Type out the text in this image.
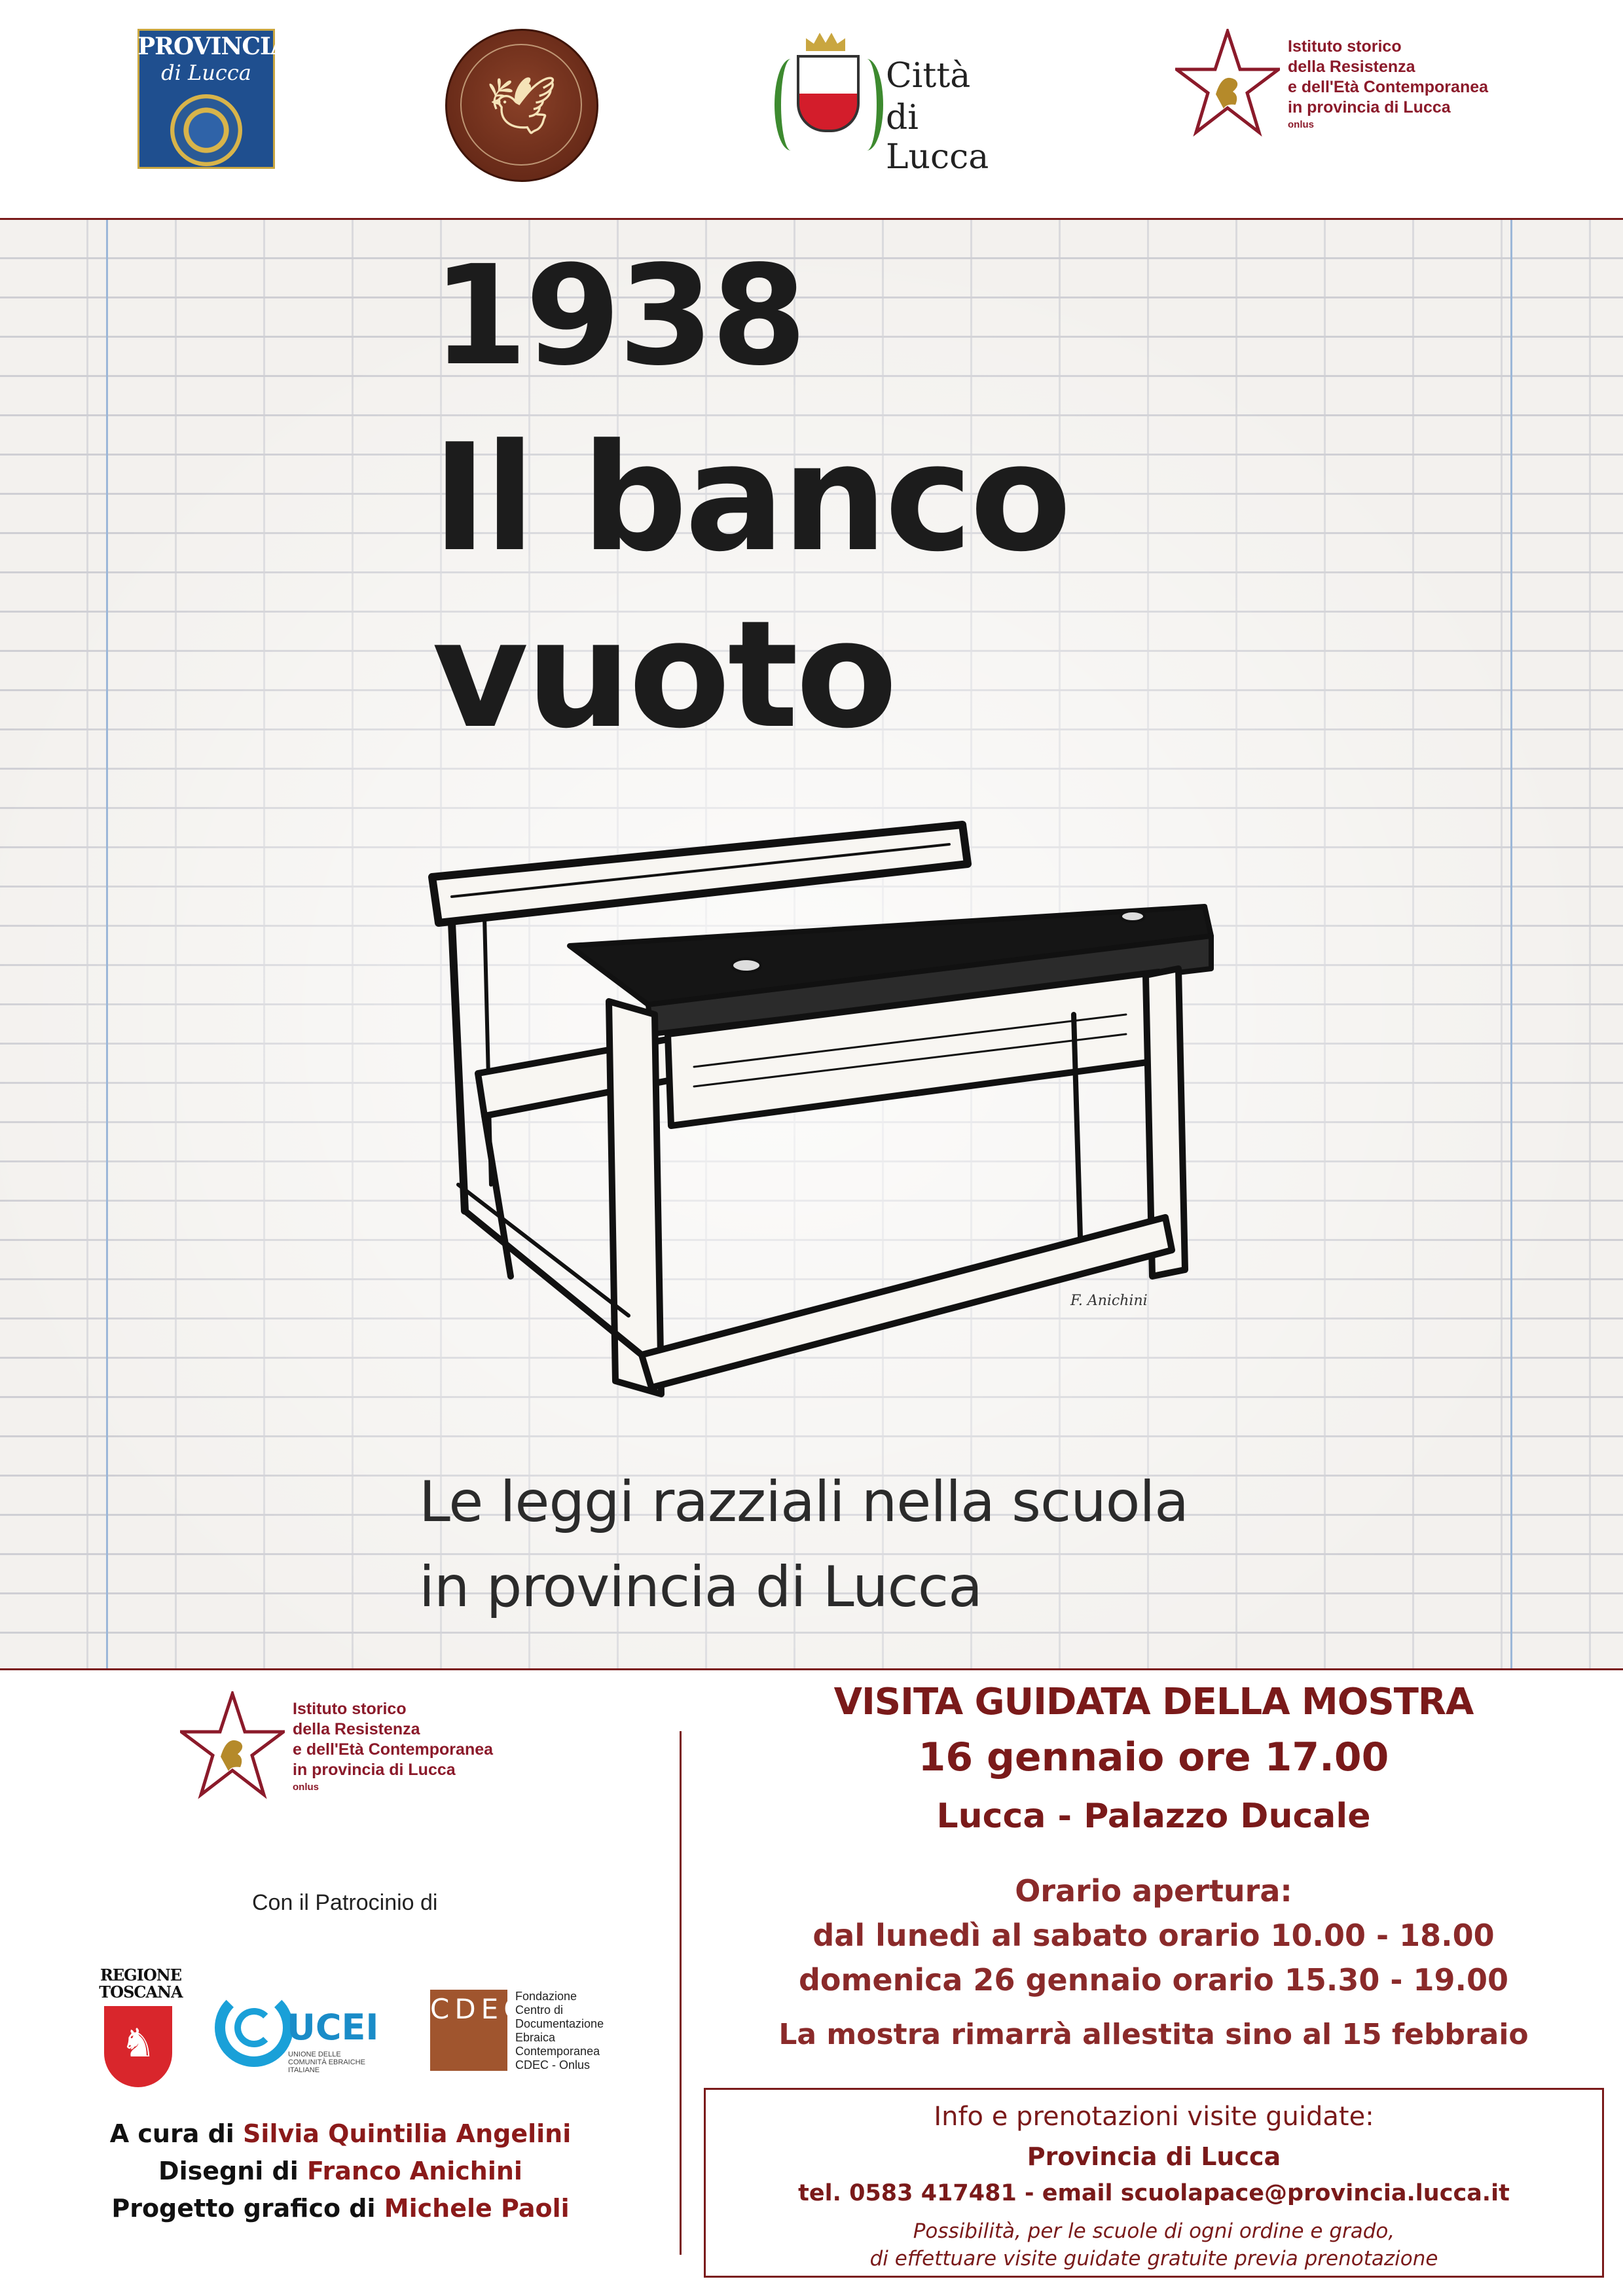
PROVINCIA
di Lucca
🕊	Città
di Lucca
Istituto storico
della Resistenza
e dell'Età Contemporanea
in provincia di Lucca
onlus
1938
Il banco
vuoto
F. Anichini
Le leggi razziali nella scuola
in provincia di Lucca
Istituto storico
della Resistenza
e dell'Età Contemporanea
in provincia di Lucca
onlus
Con il Patrocinio di
REGIONE
TOSCANA
♞	UCEI
UNIONE DELLE COMUNITÀ EBRAICHE ITALIANE
CDEC
Fondazione
Centro di
Documentazione
Ebraica
Contemporanea
CDEC - Onlus
A cura di Silvia Quintilia Angelini
Disegni di Franco Anichini
Progetto grafico di Michele Paoli
VISITA GUIDATA DELLA MOSTRA
16 gennaio ore 17.00
Lucca - Palazzo Ducale
Orario apertura:
dal lunedì al sabato orario 10.00 - 18.00
domenica 26 gennaio orario 15.30 - 19.00
La mostra rimarrà allestita sino al 15 febbraio
Info e prenotazioni visite guidate:
Provincia di Lucca
tel. 0583 417481 - email scuolapace@provincia.lucca.it
Possibilità, per le scuole di ogni ordine e grado,
di effettuare visite guidate gratuite previa prenotazione
